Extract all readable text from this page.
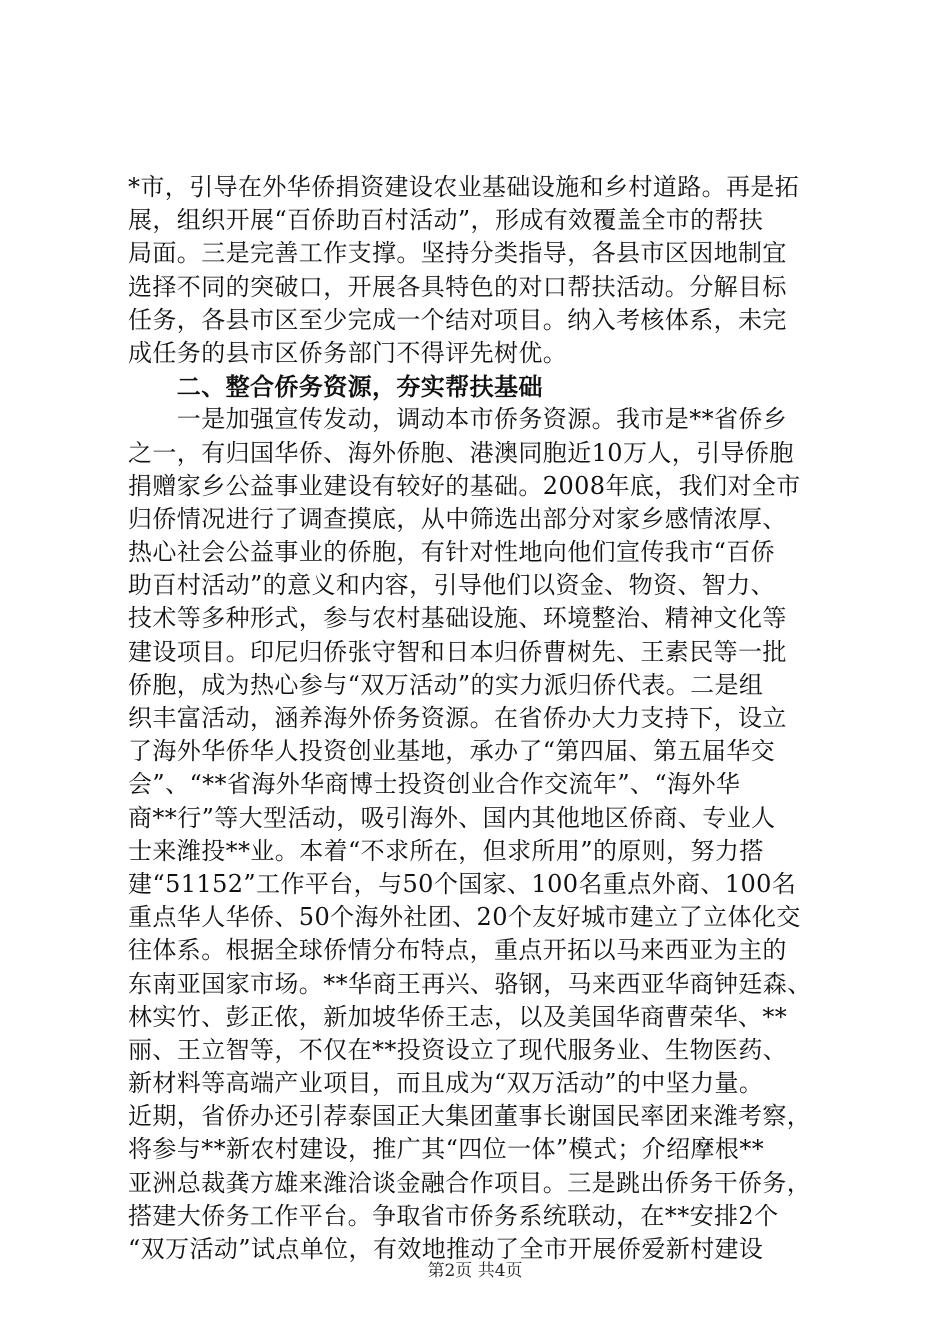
*市，引导在外华侨捐资建设农业基础设施和乡村道路。再是拓
展，组织开展“百侨助百村活动”，形成有效覆盖全市的帮扶
局面。三是完善工作支撑。坚持分类指导，各县市区因地制宜
选择不同的突破口，开展各具特色的对口帮扶活动。分解目标
任务，各县市区至少完成一个结对项目。纳入考核体系，未完
成任务的县市区侨务部门不得评先树优。
　　二、整合侨务资源，夯实帮扶基础
　　一是加强宣传发动，调动本市侨务资源。我市是**省侨乡
之一，有归国华侨、海外侨胞、港澳同胞近10万人，引导侨胞
捐赠家乡公益事业建设有较好的基础。2008年底，我们对全市
归侨情况进行了调查摸底，从中筛选出部分对家乡感情浓厚、
热心社会公益事业的侨胞，有针对性地向他们宣传我市“百侨
助百村活动”的意义和内容，引导他们以资金、物资、智力、
技术等多种形式，参与农村基础设施、环境整治、精神文化等
建设项目。印尼归侨张守智和日本归侨曹树先、王素民等一批
侨胞，成为热心参与“双万活动”的实力派归侨代表。二是组
织丰富活动，涵养海外侨务资源。在省侨办大力支持下，设立
了海外华侨华人投资创业基地，承办了“第四届、第五届华交
会”、“**省海外华商博士投资创业合作交流年”、“海外华
商**行”等大型活动，吸引海外、国内其他地区侨商、专业人
士来潍投**业。本着“不求所在，但求所用”的原则，努力搭
建“51152”工作平台，与50个国家、100名重点外商、100名
重点华人华侨、50个海外社团、20个友好城市建立了立体化交
往体系。根据全球侨情分布特点，重点开拓以马来西亚为主的
东南亚国家市场。**华商王再兴、骆钢，马来西亚华商钟廷森、
林实竹、彭正侬，新加坡华侨王志，以及美国华商曹荣华、**
丽、王立智等，不仅在**投资设立了现代服务业、生物医药、
新材料等高端产业项目，而且成为“双万活动”的中坚力量。
近期，省侨办还引荐泰国正大集团董事长谢国民率团来潍考察，
将参与**新农村建设，推广其“四位一体”模式；介绍摩根**
亚洲总裁龚方雄来潍洽谈金融合作项目。三是跳出侨务干侨务，
搭建大侨务工作平台。争取省市侨务系统联动，在**安排2个
“双万活动”试点单位，有效地推动了全市开展侨爱新村建设
第2页 共4页
